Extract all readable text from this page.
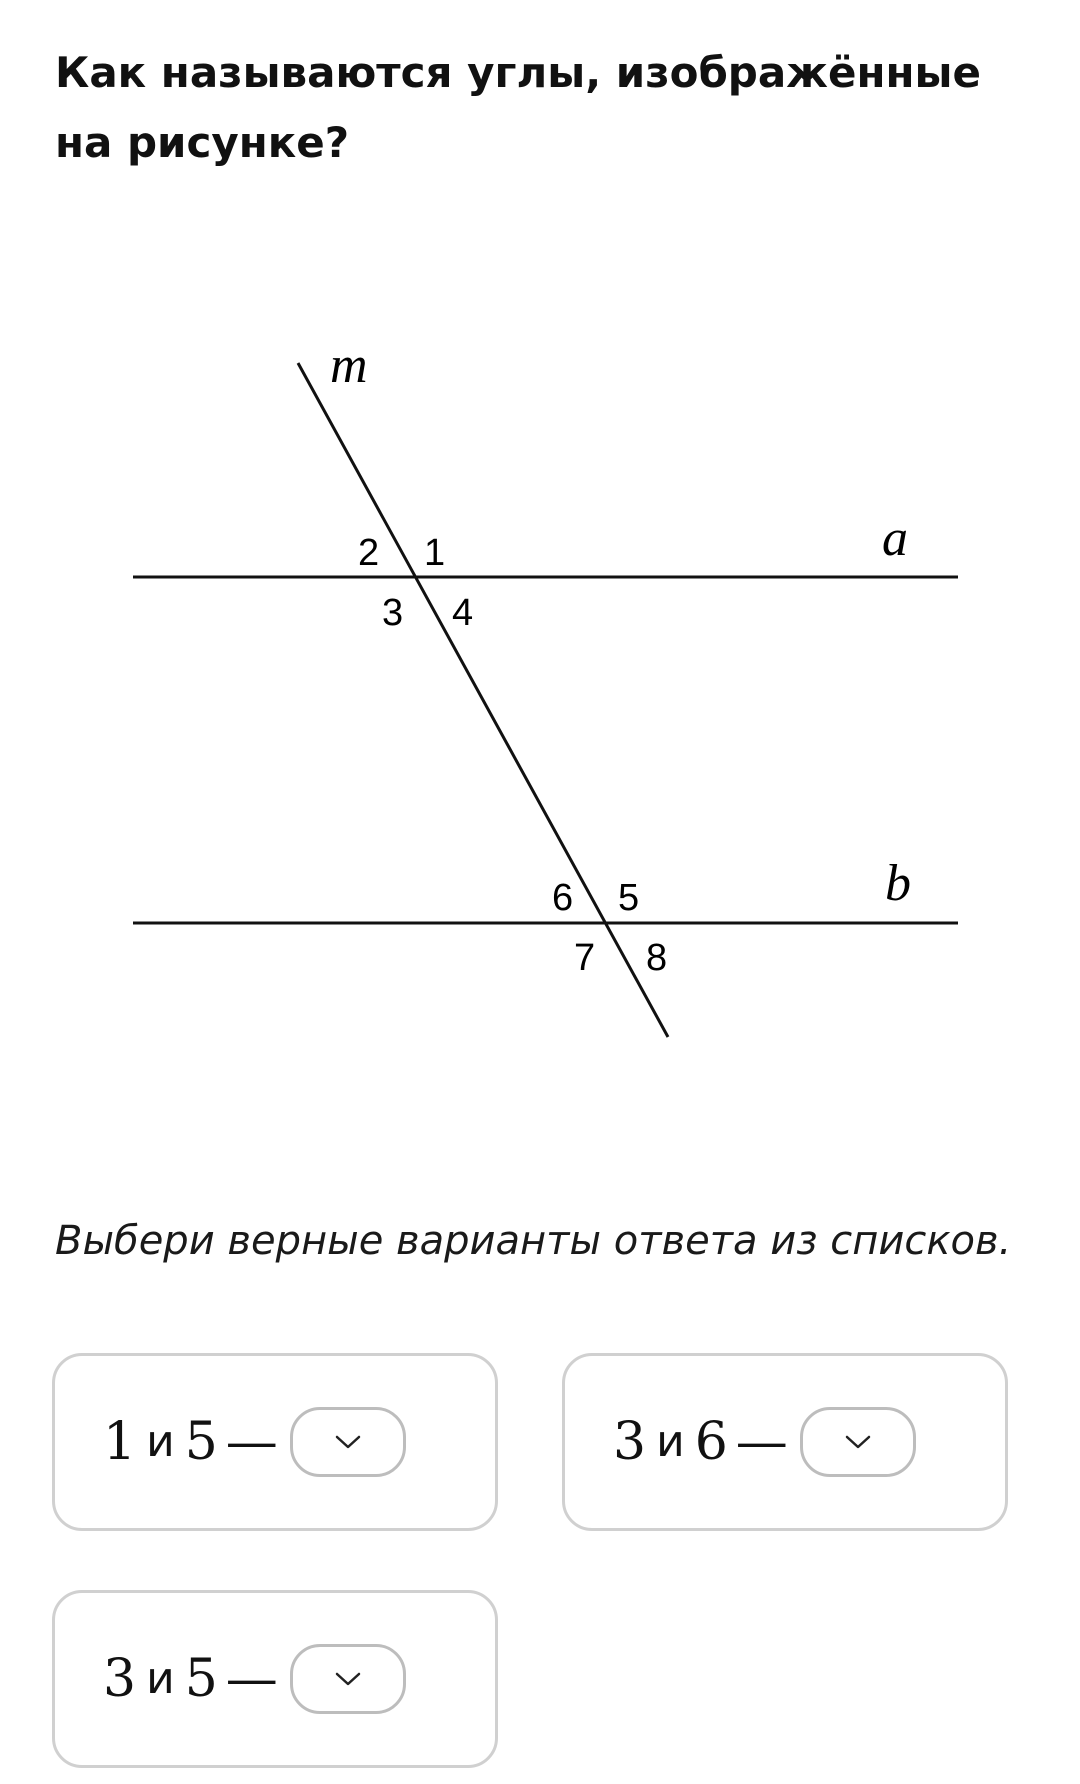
Как называются углы, изображённые на рисунке?
m
a
b
2 1
3 4
6 5
7 8

Выбери верные варианты ответа из списков.

1 и 5 —	3 и 6 —
3 и 5 —
